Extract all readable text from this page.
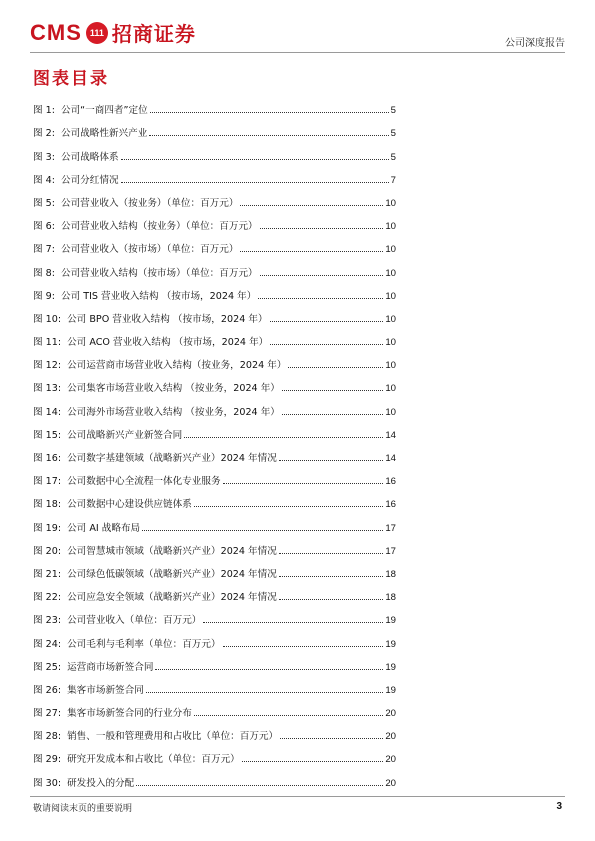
CMS 111 招商证券	公司深度报告
图表目录
图 1: 公司“一商四者”定位	5
图 2: 公司战略性新兴产业	5
图 3: 公司战略体系	5
图 4: 公司分红情况	7
图 5: 公司营业收入（按业务）（单位：百万元）	10
图 6: 公司营业收入结构（按业务）（单位：百万元）	10
图 7: 公司营业收入（按市场）（单位：百万元）	10
图 8: 公司营业收入结构（按市场）（单位：百万元）	10
图 9: 公司 TIS 营业收入结构 （按市场，2024 年）	10
图 10: 公司 BPO 营业收入结构 （按市场，2024 年）	10
图 11: 公司 ACO 营业收入结构 （按市场，2024 年）	10
图 12: 公司运营商市场营业收入结构（按业务，2024 年）	10
图 13: 公司集客市场营业收入结构 （按业务，2024 年）	10
图 14: 公司海外市场营业收入结构 （按业务，2024 年）	10
图 15: 公司战略新兴产业新签合同	14
图 16: 公司数字基建领域（战略新兴产业）2024 年情况	14
图 17: 公司数据中心全流程一体化专业服务	16
图 18: 公司数据中心建设供应链体系	16
图 19: 公司 AI 战略布局	17
图 20: 公司智慧城市领域（战略新兴产业）2024 年情况	17
图 21: 公司绿色低碳领域（战略新兴产业）2024 年情况	18
图 22: 公司应急安全领域（战略新兴产业）2024 年情况	18
图 23: 公司营业收入（单位：百万元）	19
图 24: 公司毛利与毛利率（单位：百万元）	19
图 25: 运营商市场新签合同	19
图 26: 集客市场新签合同	19
图 27: 集客市场新签合同的行业分布	20
图 28: 销售、一般和管理费用和占收比（单位：百万元）	20
图 29: 研究开发成本和占收比（单位：百万元）	20
图 30: 研发投入的分配	20
敬请阅读末页的重要说明	3
